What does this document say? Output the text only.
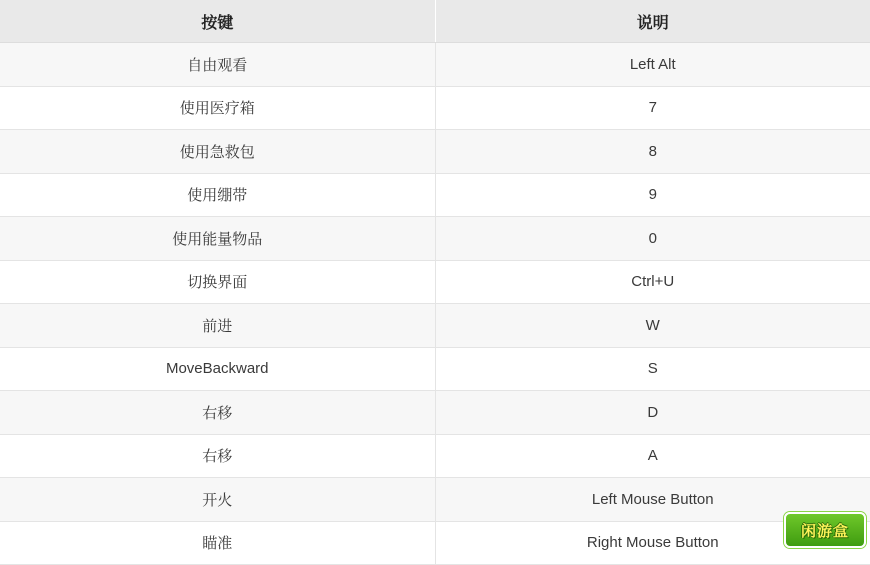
按键	说明
自由观看	Left Alt
使用医疗箱	7
使用急救包	8
使用绷带	9
使用能量物品	0
切换界面	Ctrl+U
前进	W
MoveBackward	S
右移	D
右移	A
开火	Left Mouse Button
瞄准	Right Mouse Button
闲游盒
